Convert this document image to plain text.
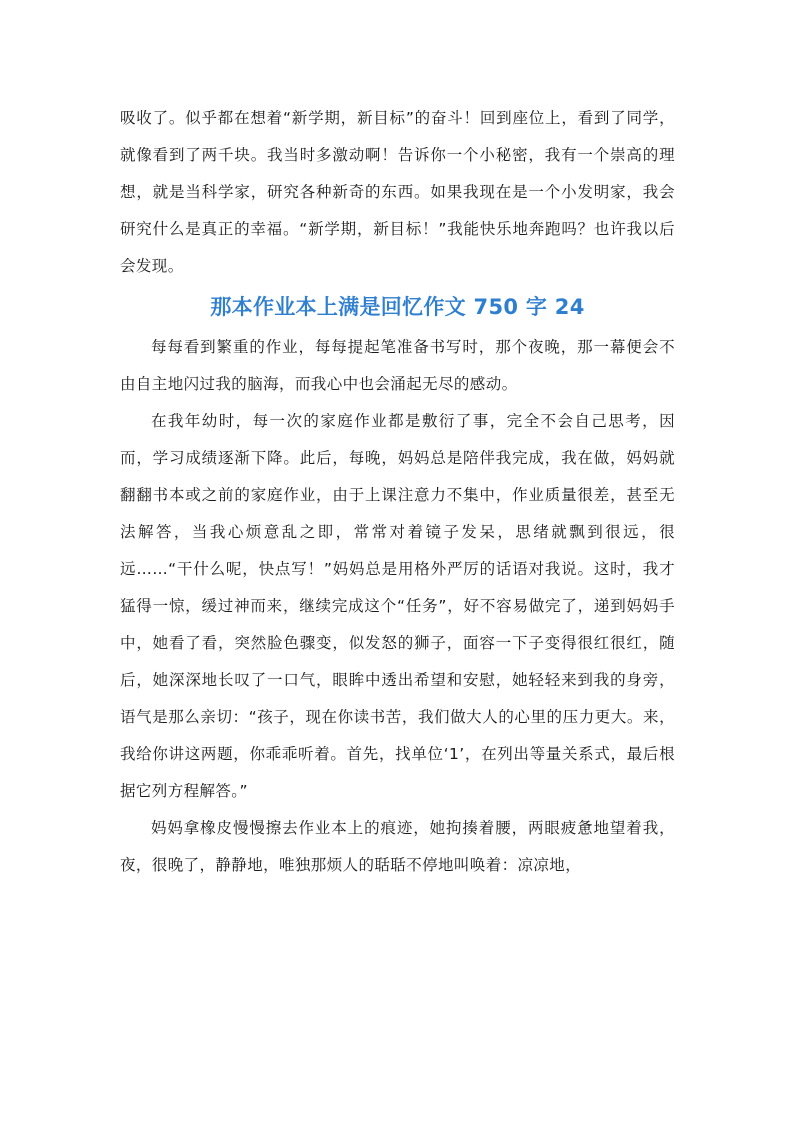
吸收了。似乎都在想着“新学期，新目标”的奋斗！回到座位上，看到了同学，就像看到了两千块。我当时多激动啊！告诉你一个小秘密，我有一个崇高的理想，就是当科学家，研究各种新奇的东西。如果我现在是一个小发明家，我会研究什么是真正的幸福。“新学期，新目标！”我能快乐地奔跑吗？也许我以后会发现。

那本作业本上满是回忆作文 750 字 24

每每看到繁重的作业，每每提起笔准备书写时，那个夜晚，那一幕便会不由自主地闪过我的脑海，而我心中也会涌起无尽的感动。

在我年幼时，每一次的家庭作业都是敷衍了事，完全不会自己思考，因而，学习成绩逐渐下降。此后，每晚，妈妈总是陪伴我完成，我在做，妈妈就翻翻书本或之前的家庭作业，由于上课注意力不集中，作业质量很差，甚至无法解答，当我心烦意乱之即，常常对着镜子发呆，思绪就飘到很远，很远……“干什么呢，快点写！”妈妈总是用格外严厉的话语对我说。这时，我才猛得一惊，缓过神而来，继续完成这个“任务”，好不容易做完了，递到妈妈手中，她看了看，突然脸色骤变，似发怒的狮子，面容一下子变得很红很红，随后，她深深地长叹了一口气，眼眸中透出希望和安慰，她轻轻来到我的身旁，语气是那么亲切：“孩子，现在你读书苦，我们做大人的心里的压力更大。来，我给你讲这两题，你乖乖听着。首先，找单位‘1’，在列出等量关系式，最后根据它列方程解答。”

妈妈拿橡皮慢慢擦去作业本上的痕迹，她拘揍着腰，两眼疲惫地望着我，夜，很晚了，静静地，唯独那烦人的聒聒不停地叫唤着：凉凉地，
